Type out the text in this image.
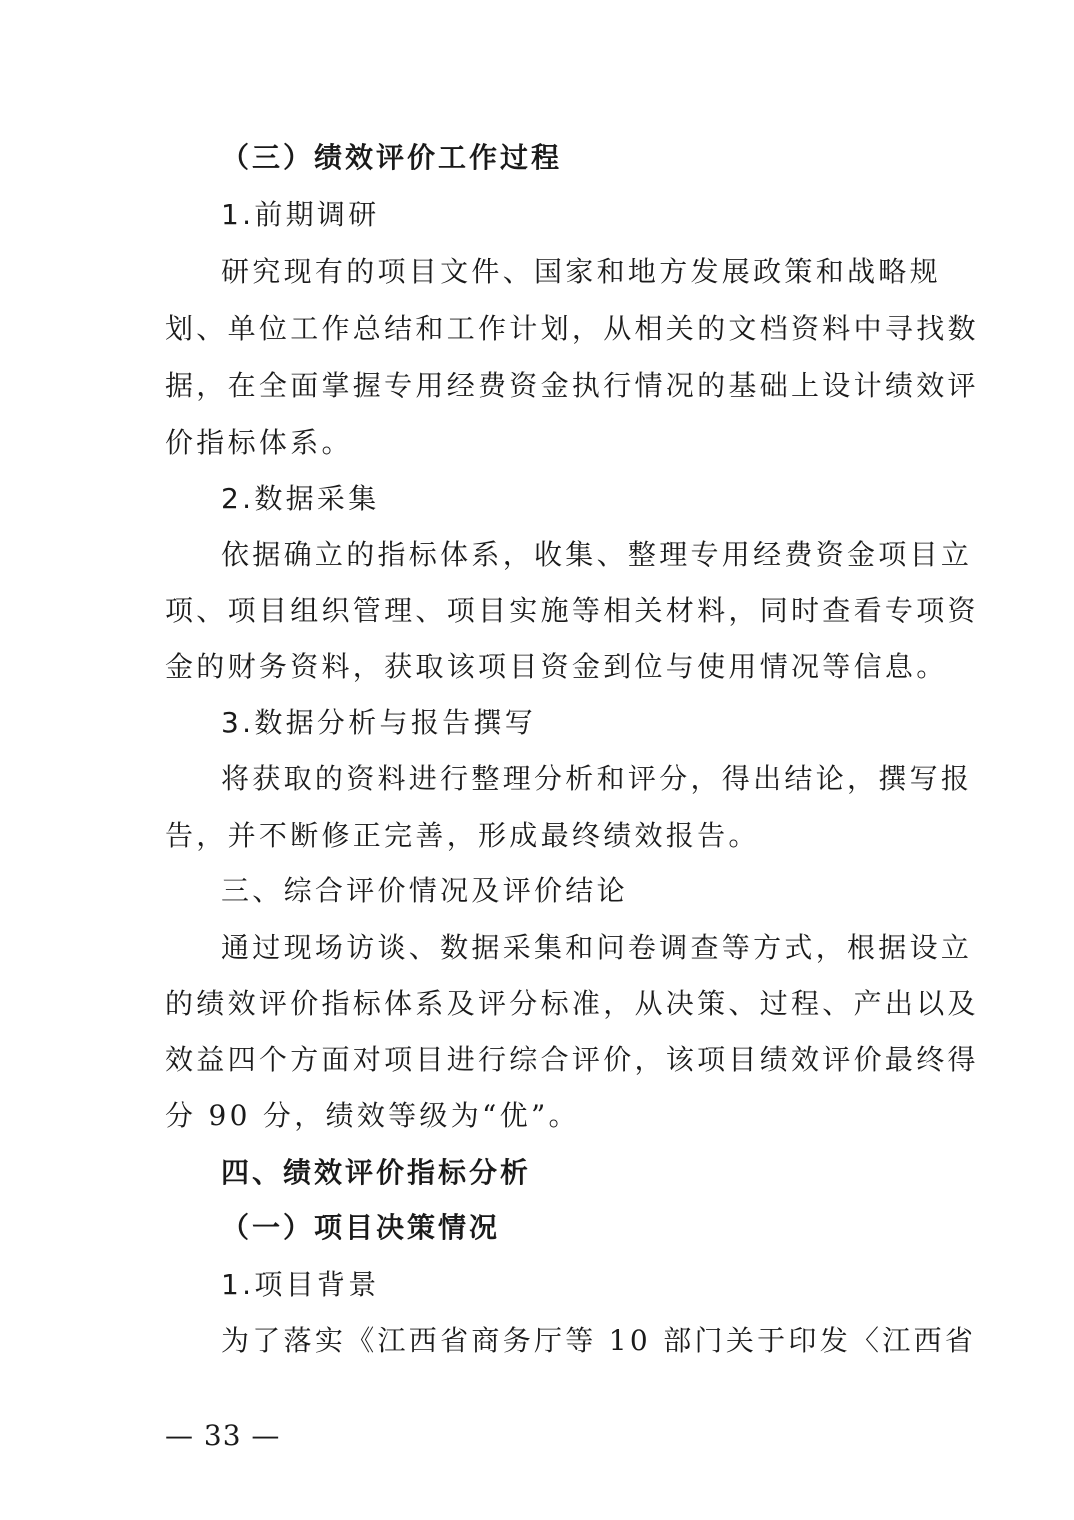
（三）绩效评价工作过程
1.前期调研
研究现有的项目文件、国家和地方发展政策和战略规
划、单位工作总结和工作计划，从相关的文档资料中寻找数
据，在全面掌握专用经费资金执行情况的基础上设计绩效评
价指标体系。
2.数据采集
依据确立的指标体系，收集、整理专用经费资金项目立
项、项目组织管理、项目实施等相关材料，同时查看专项资
金的财务资料，获取该项目资金到位与使用情况等信息。
3.数据分析与报告撰写
将获取的资料进行整理分析和评分，得出结论，撰写报
告，并不断修正完善，形成最终绩效报告。
三、综合评价情况及评价结论
通过现场访谈、数据采集和问卷调查等方式，根据设立
的绩效评价指标体系及评分标准，从决策、过程、产出以及
效益四个方面对项目进行综合评价，该项目绩效评价最终得
分 90 分，绩效等级为“优”。
四、绩效评价指标分析
（一）项目决策情况
1.项目背景
为了落实《江西省商务厅等 10 部门关于印发〈江西省
— 33 —
